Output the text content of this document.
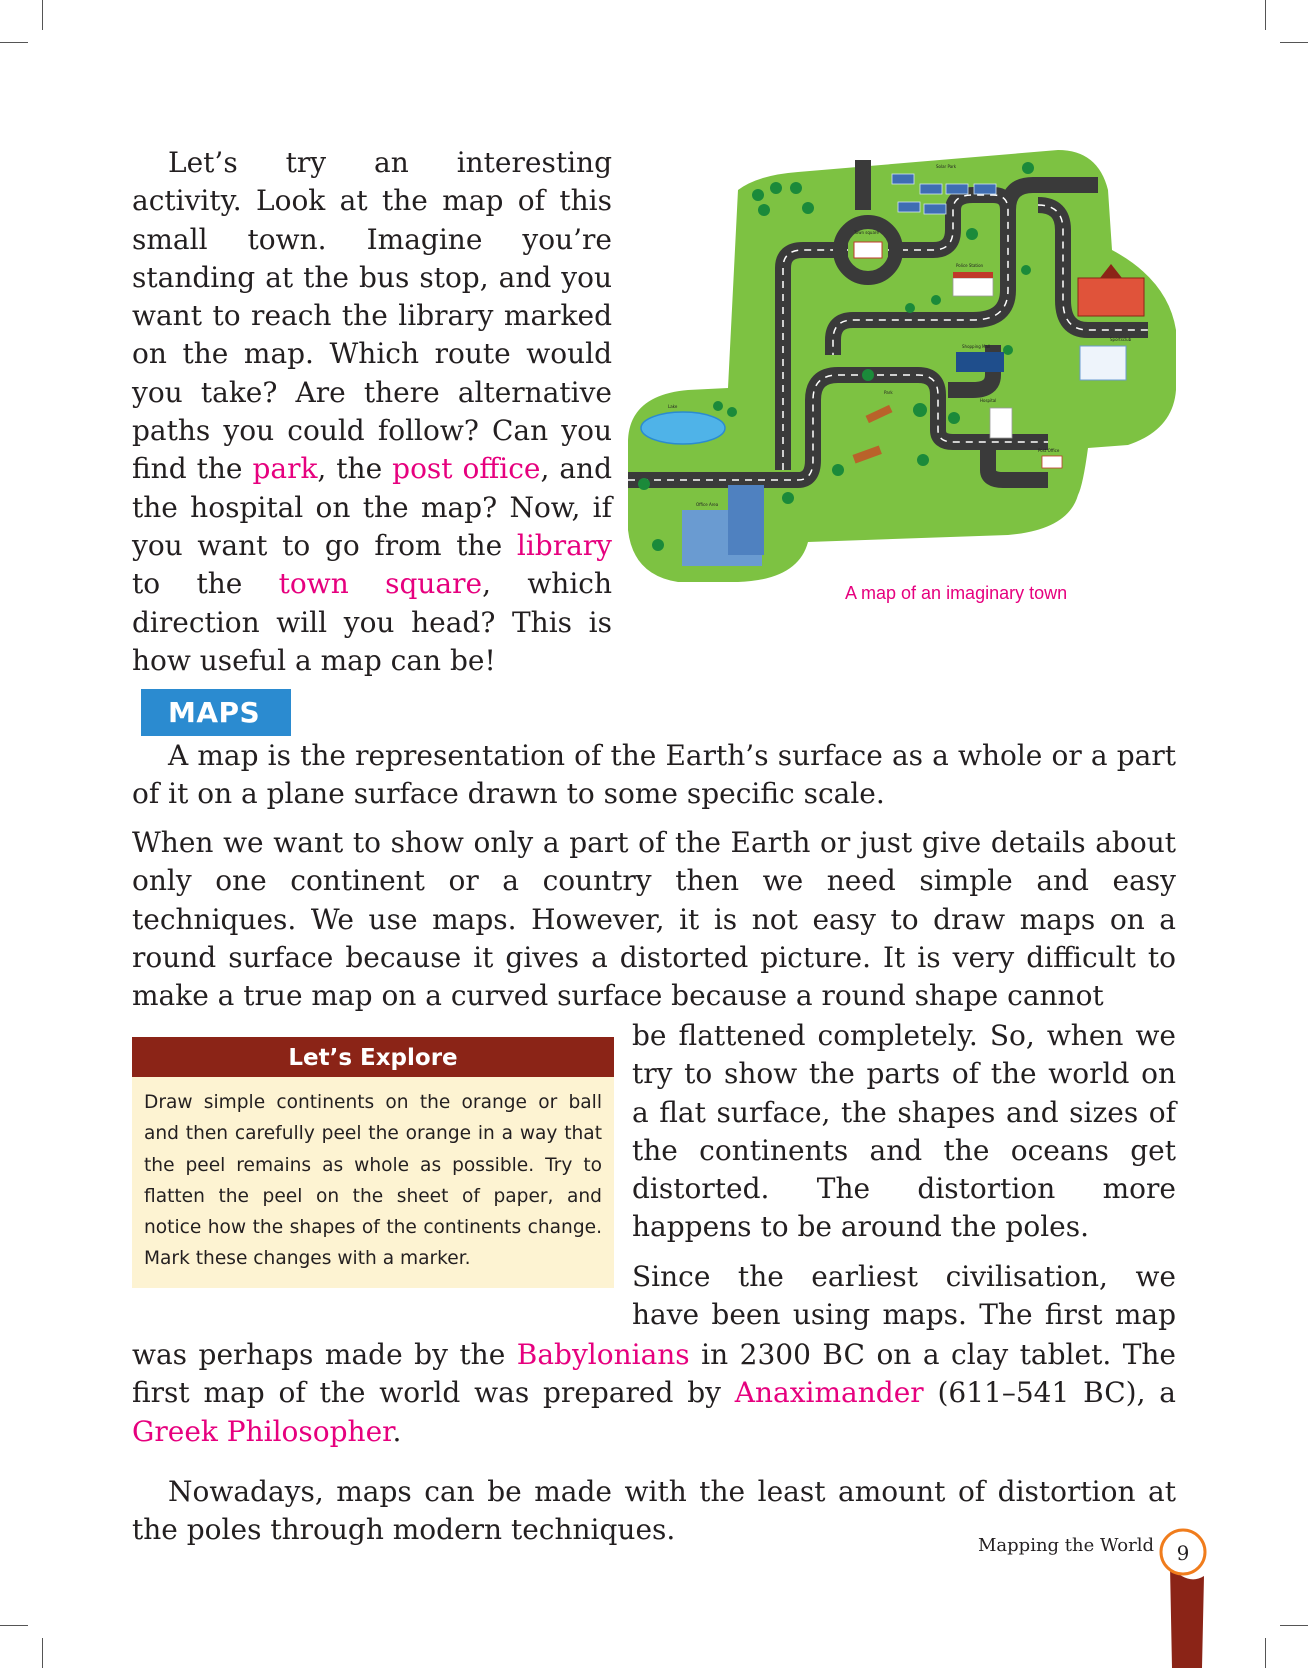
Let’s try an interesting activity. Look at the map of this small town. Imagine you’re standing at the bus stop, and you want to reach the library marked on the map. Which route would you take? Are there alternative paths you could follow? Can you find the park, the post office, and the hospital on the map? Now, if you want to go from the library to the town square, which direction will you head? This is how useful a map can be!

Town square
Solar Park
Police Station
Shopping Mall
Sportsclub
Hospital
Post Office
Lake
Park
Office Area
A map of an imaginary town
MAPS

A map is the representation of the Earth’s surface as a whole or a part of it on a plane surface drawn to some specific scale.

When we want to show only a part of the Earth or just give details about only one continent or a country then we need simple and easy techniques. We use maps. However, it is not easy to draw maps on a round surface because it gives a distorted picture. It is very difficult to make a true map on a curved surface because a round shape cannot

Let’s Explore

Draw simple continents on the orange or ball and then carefully peel the orange in a way that the peel remains as whole as possible. Try to flatten the peel on the sheet of paper, and notice how the shapes of the continents change. Mark these changes with a marker.

be flattened completely. So, when we try to show the parts of the world on a flat surface, the shapes and sizes of the continents and the oceans get distorted. The distortion more happens to be around the poles.

Since the earliest civilisation, we have been using maps. The first map

was perhaps made by the Babylonians in 2300 BC on a clay tablet. The first map of the world was prepared by Anaximander (611–541 BC), a Greek Philosopher.

Nowadays, maps can be made with the least amount of distortion at the poles through modern techniques.	Mapping the World	9
